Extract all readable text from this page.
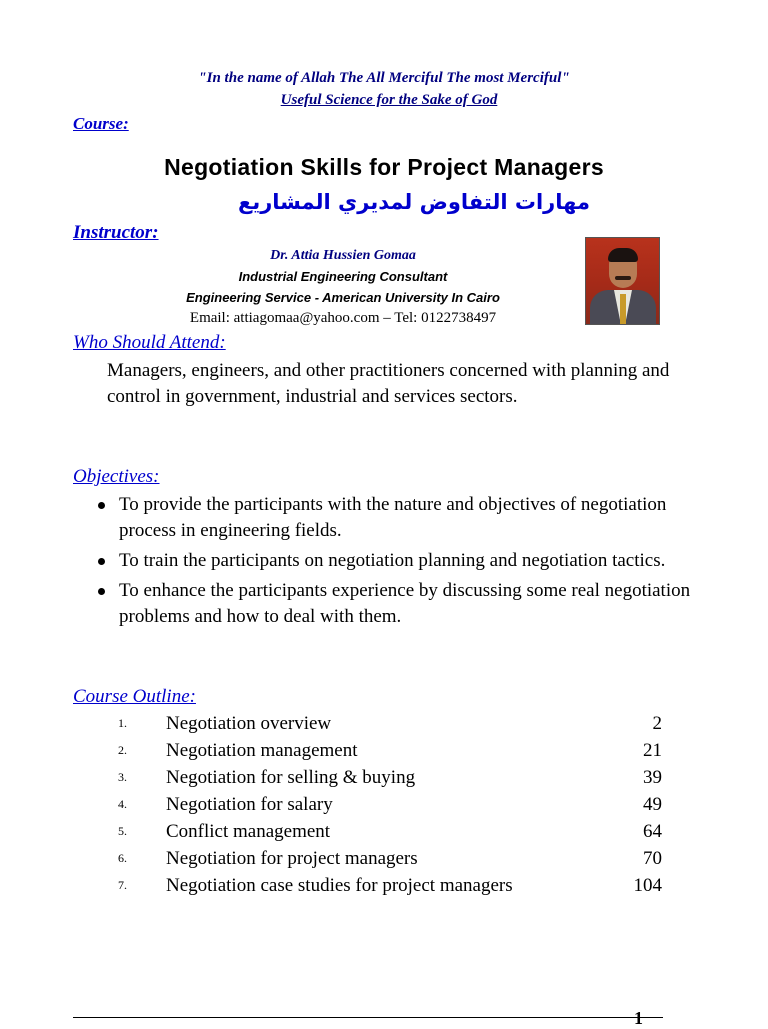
"In the name of Allah The All Merciful The most Merciful"
Useful Science for the Sake of God
Course:
Negotiation Skills for Project Managers
مهارات التفاوض لمديري المشاريع
Instructor:
Dr. Attia Hussien Gomaa
Industrial Engineering Consultant
Engineering Service - American University In Cairo
Email: attiagomaa@yahoo.com – Tel: 0122738497
Who Should Attend:
Managers, engineers, and other practitioners concerned with planning and control in government, industrial and services sectors.
Objectives:
To provide the participants with the nature and objectives of negotiation process in engineering fields.
To train the participants on negotiation planning and negotiation tactics.
To enhance the participants experience by discussing some real negotiation problems and how to deal with them.
Course Outline:
1. Negotiation overview	2
2. Negotiation management	21
3. Negotiation for selling & buying	39
4. Negotiation for salary	49
5. Conflict management	64
6. Negotiation for project managers	70
7. Negotiation case studies for project managers	104
1
